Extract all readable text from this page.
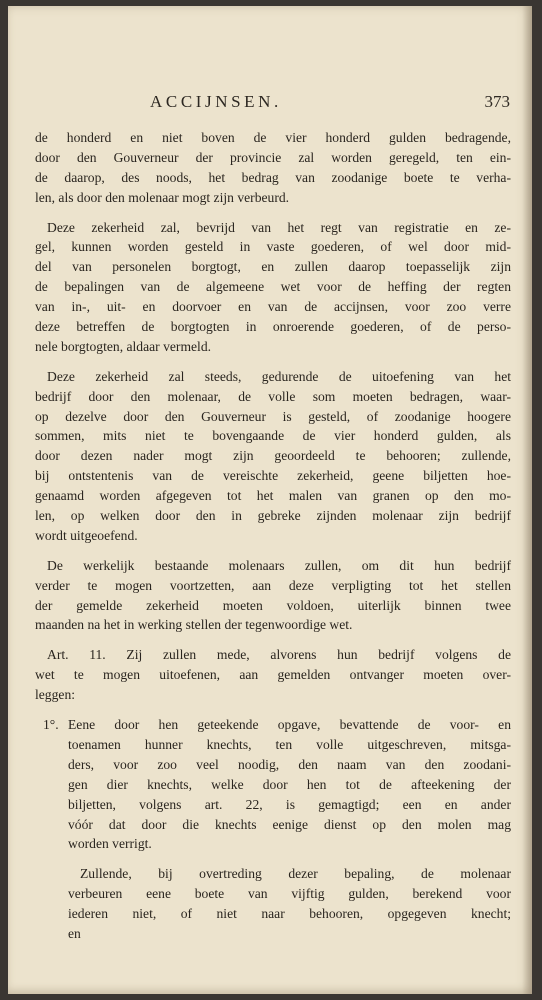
ACCIJNSEN.	373
de honderd en niet boven de vier honderd gulden bedragende,
door den Gouverneur der provincie zal worden geregeld, ten ein-
de daarop, des noods, het bedrag van zoodanige boete te verha-
len, als door den molenaar mogt zijn verbeurd.
Deze zekerheid zal, bevrijd van het regt van registratie en ze-
gel, kunnen worden gesteld in vaste goederen, of wel door mid-
del van personelen borgtogt, en zullen daarop toepasselijk zijn
de bepalingen van de algemeene wet voor de heffing der regten
van in-, uit- en doorvoer en van de accijnsen, voor zoo verre
deze betreffen de borgtogten in onroerende goederen, of de perso-
nele borgtogten, aldaar vermeld.
Deze zekerheid zal steeds, gedurende de uitoefening van het
bedrijf door den molenaar, de volle som moeten bedragen, waar-
op dezelve door den Gouverneur is gesteld, of zoodanige hoogere
sommen, mits niet te bovengaande de vier honderd gulden, als
door dezen nader mogt zijn geoordeeld te behooren; zullende,
bij ontstentenis van de vereischte zekerheid, geene biljetten hoe-
genaamd worden afgegeven tot het malen van granen op den mo-
len, op welken door den in gebreke zijnden molenaar zijn bedrijf
wordt uitgeoefend.
De werkelijk bestaande molenaars zullen, om dit hun bedrijf
verder te mogen voortzetten, aan deze verpligting tot het stellen
der gemelde zekerheid moeten voldoen, uiterlijk binnen twee
maanden na het in werking stellen der tegenwoordige wet.
Art. 11. Zij zullen mede, alvorens hun bedrijf volgens de
wet te mogen uitoefenen, aan gemelden ontvanger moeten over-
leggen:
1°. Eene door hen geteekende opgave, bevattende de voor- en
toenamen hunner knechts, ten volle uitgeschreven, mitsga-
ders, voor zoo veel noodig, den naam van den zoodani-
gen dier knechts, welke door hen tot de afteekening der
biljetten, volgens art. 22, is gemagtigd; een en ander
vóór dat door die knechts eenige dienst op den molen mag
worden verrigt.
Zullende, bij overtreding dezer bepaling, de molenaar
verbeuren eene boete van vijftig gulden, berekend voor
iederen niet, of niet naar behooren, opgegeven knecht;
en
